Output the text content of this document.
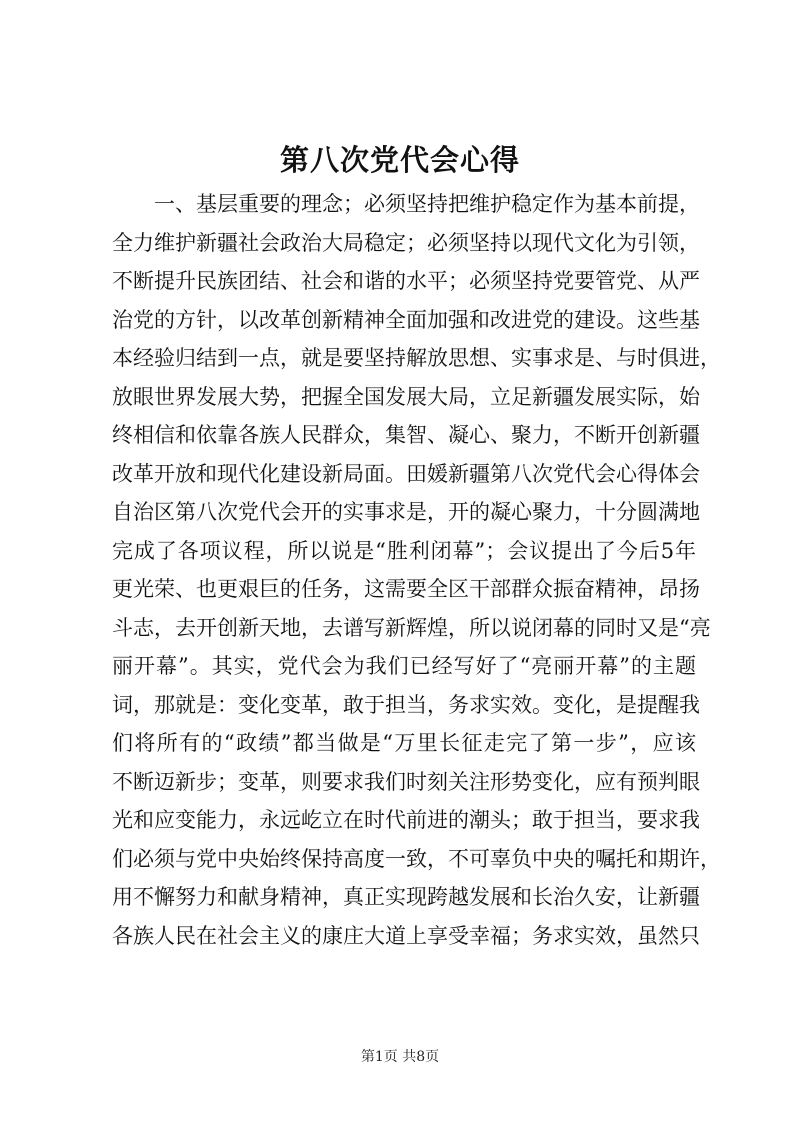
第八次党代会心得
一、基层重要的理念；必须坚持把维护稳定作为基本前提，
全力维护新疆社会政治大局稳定；必须坚持以现代文化为引领，
不断提升民族团结、社会和谐的水平；必须坚持党要管党、从严
治党的方针，以改革创新精神全面加强和改进党的建设。这些基
本经验归结到一点，就是要坚持解放思想、实事求是、与时俱进，
放眼世界发展大势，把握全国发展大局，立足新疆发展实际，始
终相信和依靠各族人民群众，集智、凝心、聚力，不断开创新疆
改革开放和现代化建设新局面。田媛新疆第八次党代会心得体会
自治区第八次党代会开的实事求是，开的凝心聚力，十分圆满地
完成了各项议程，所以说是“胜利闭幕”；会议提出了今后5年
更光荣、也更艰巨的任务，这需要全区干部群众振奋精神，昂扬
斗志，去开创新天地，去谱写新辉煌，所以说闭幕的同时又是“亮
丽开幕”。其实，党代会为我们已经写好了“亮丽开幕”的主题
词，那就是：变化变革，敢于担当，务求实效。变化，是提醒我
们将所有的“政绩”都当做是“万里长征走完了第一步”，应该
不断迈新步；变革，则要求我们时刻关注形势变化，应有预判眼
光和应变能力，永远屹立在时代前进的潮头；敢于担当，要求我
们必须与党中央始终保持高度一致，不可辜负中央的嘱托和期许，
用不懈努力和献身精神，真正实现跨越发展和长治久安，让新疆
各族人民在社会主义的康庄大道上享受幸福；务求实效，虽然只
第1页 共8页
